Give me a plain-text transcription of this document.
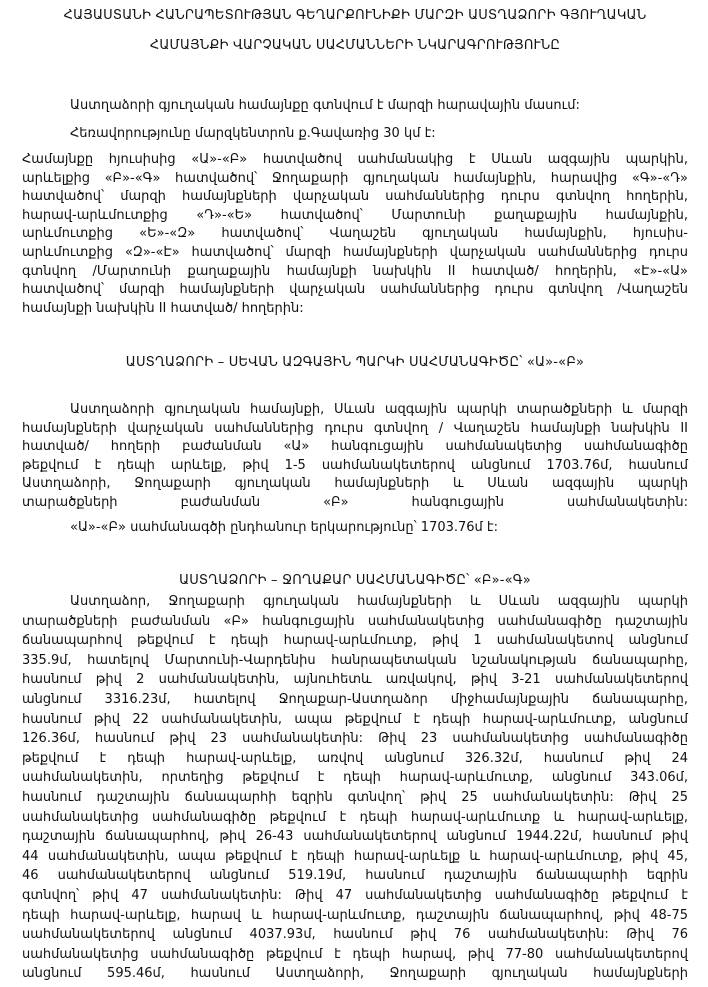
ՀԱՅԱՍՏԱՆԻ ՀԱՆՐԱՊԵՏՈՒԹՅԱՆ ԳԵՂԱՐՔՈՒՆԻՔԻ ՄԱՐԶԻ ԱՍՏՂԱՁՈՐԻ ԳՅՈՒՂԱԿԱՆ
ՀԱՄԱՅՆՔԻ ՎԱՐՉԱԿԱՆ ՍԱՀՄԱՆՆԵՐԻ ՆԿԱՐԱԳՐՈՒԹՅՈՒՆԸ
Աստղաձորի գյուղական համայնքը գտնվում է մարզի հարավային մասում:
Հեռավորությունը մարզկենտրոն ք.Գավառից 30 կմ է:
Համայնքը հյուսիսից «Ա»-«Բ» հատվածով սահմանակից է Սևան ազգային պարկին,
արևելքից «Բ»-«Գ» հատվածով՝ Ջողաքարի գյուղական համայնքին, հարավից «Գ»-«Դ»
հատվածով՝ մարզի համայնքների վարչական սահմաններից դուրս գտնվող հողերին,
հարավ-արևմուտքից «Դ»-«Ե» հատվածով՝ Մարտունի քաղաքային համայնքին,
արևմուտքից «Ե»-«Զ» հատվածով՝ Վաղաշեն գյուղական համայնքին, հյուսիս-
արևմուտքից «Զ»-«Է» հատվածով՝ մարզի համայնքների վարչական սահմաններից դուրս
գտնվող /Մարտունի քաղաքային համայնքի նախկին II հատված/ հողերին, «Է»-«Ա»
հատվածով՝ մարզի համայնքների վարչական սահմաններից դուրս գտնվող /Վաղաշեն
համայնքի նախկին II հատված/ հողերին:
ԱՍՏՂԱՁՈՐԻ – ՍԵՎԱՆ ԱԶԳԱՅԻՆ ՊԱՐԿԻ ՍԱՀՄԱՆԱԳԻԾԸ՝ «Ա»-«Բ»
Աստղաձորի գյուղական համայնքի, Սևան ազգային պարկի տարածքների և մարզի
համայնքների վարչական սահմաններից դուրս գտնվող / Վաղաշեն համայնքի նախկին II
հատված/ հողերի բաժանման «Ա» հանգուցային սահմանակետից սահմանագիծը
թեքվում է դեպի արևելք, թիվ 1-5 սահմանակետերով անցնում 1703.76մ, հասնում
Աստղաձորի, Ջողաքարի գյուղական համայնքների և Սևան ազգային պարկի
տարածքների բաժանման «Բ» հանգուցային սահմանակետին:
«Ա»-«Բ» սահմանագծի ընդհանուր երկարությունը՝ 1703.76մ է:
ԱՍՏՂԱՁՈՐԻ – ՋՈՂԱՔԱՐ ՍԱՀՄԱՆԱԳԻԾԸ՝ «Բ»-«Գ»
Աստղաձոր, Ջողաքարի գյուղական համայնքների և Սևան ազգային պարկի
տարածքների բաժանման «Բ» հանգուցային սահմանակետից սահմանագիծը դաշտային
ճանապարհով թեքվում է դեպի հարավ-արևմուտք, թիվ 1 սահմանակետով անցնում
335.9մ, հատելով Մարտունի-Վարդենիս հանրապետական նշանակության ճանապարհը,
հասնում թիվ 2 սահմանակետին, այնուհետև առվակով, թիվ 3-21 սահմանակետերով
անցնում 3316.23մ, հատելով Ջողաքար-Աստղաձոր միջհամայնքային ճանապարհը,
հասնում թիվ 22 սահմանակետին, ապա թեքվում է դեպի հարավ-արևմուտք, անցնում
126.36մ, հասնում թիվ 23 սահմանակետին: Թիվ 23 սահմանակետից սահմանագիծը
թեքվում է դեպի հարավ-արևելք, առվով անցնում 326.32մ, հասնում թիվ 24
սահմանակետին, որտեղից թեքվում է դեպի հարավ-արևմուտք, անցնում 343.06մ,
հասնում դաշտային ճանապարհի եզրին գտնվող՝ թիվ 25 սահմանակետին: Թիվ 25
սահմանակետից սահմանագիծը թեքվում է դեպի հարավ-արևմուտք և հարավ-արևելք,
դաշտային ճանապարհով, թիվ 26-43 սահմանակետերով անցնում 1944.22մ, հասնում թիվ
44 սահմանակետին, ապա թեքվում է դեպի հարավ-արևելք և հարավ-արևմուտք, թիվ 45,
46 սահմանակետերով անցնում 519.19մ, հասնում դաշտային ճանապարհի եզրին
գտնվող՝ թիվ 47 սահմանակետին: Թիվ 47 սահմանակետից սահմանագիծը թեքվում է
դեպի հարավ-արևելք, հարավ և հարավ-արևմուտք, դաշտային ճանապարհով, թիվ 48-75
սահմանակետերով անցնում 4037.93մ, հասնում թիվ 76 սահմանակետին: Թիվ 76
սահմանակետից սահմանագիծը թեքվում է դեպի հարավ, թիվ 77-80 սահմանակետերով
անցնում 595.46մ, հասնում Աստղաձորի, Ջողաքարի գյուղական համայնքների
